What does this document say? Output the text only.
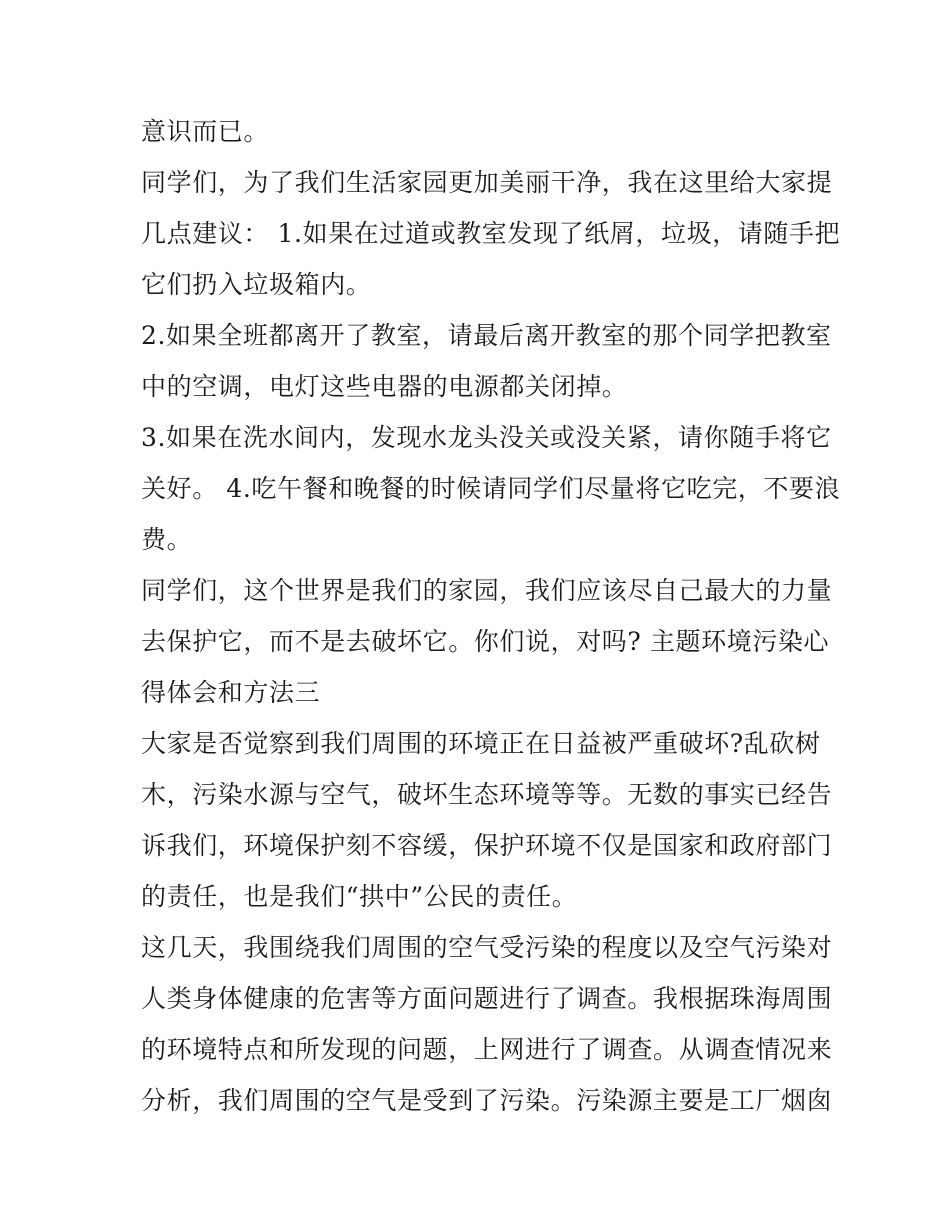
意识而已。
同学们，为了我们生活家园更加美丽干净，我在这里给大家提
几点建议： 1.如果在过道或教室发现了纸屑，垃圾，请随手把
它们扔入垃圾箱内。
2.如果全班都离开了教室，请最后离开教室的那个同学把教室
中的空调，电灯这些电器的电源都关闭掉。
3.如果在洗水间内，发现水龙头没关或没关紧，请你随手将它
关好。 4.吃午餐和晚餐的时候请同学们尽量将它吃完，不要浪
费。
同学们，这个世界是我们的家园，我们应该尽自己最大的力量
去保护它，而不是去破坏它。你们说，对吗? 主题环境污染心
得体会和方法三
大家是否觉察到我们周围的环境正在日益被严重破坏?乱砍树
木，污染水源与空气，破坏生态环境等等。无数的事实已经告
诉我们，环境保护刻不容缓，保护环境不仅是国家和政府部门
的责任，也是我们“拱中”公民的责任。
这几天，我围绕我们周围的空气受污染的程度以及空气污染对
人类身体健康的危害等方面问题进行了调查。我根据珠海周围
的环境特点和所发现的问题，上网进行了调查。从调查情况来
分析，我们周围的空气是受到了污染。污染源主要是工厂烟囱
